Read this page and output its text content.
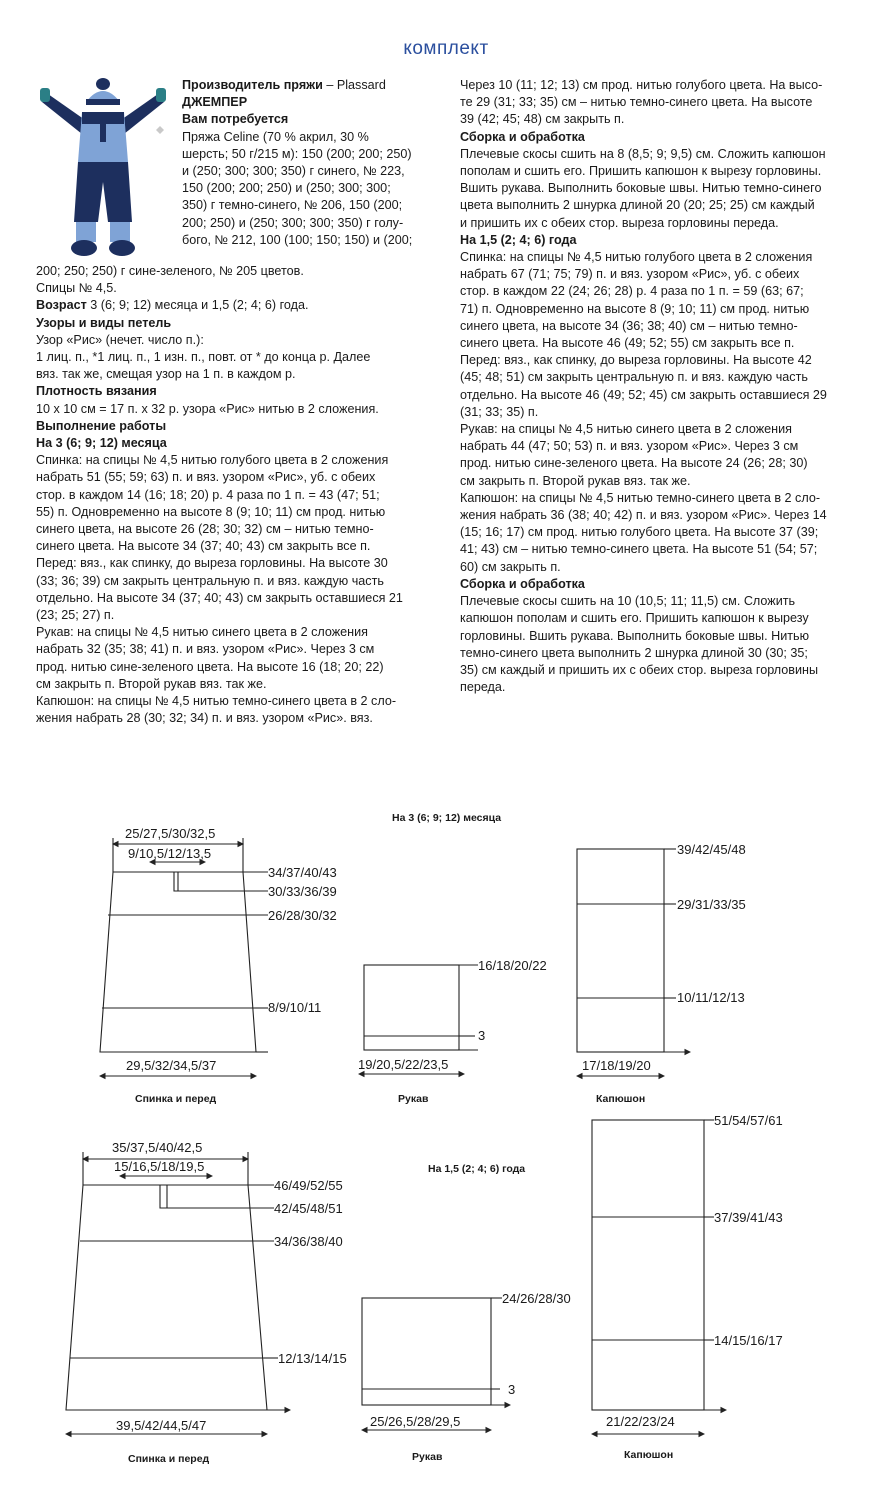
комплект

Производитель пряжи – Plassard

ДЖЕМПЕР

Вам потребуется

Пряжа Celine (70 % акрил, 30 %

шерсть; 50 г/215 м): 150 (200; 200; 250)

и (250; 300; 300; 350) г синего, № 223,

150 (200; 200; 250) и (250; 300; 300;

350) г темно-синего, № 206, 150 (200;

200; 250) и (250; 300; 300; 350) г голу-

бого, № 212, 100 (100; 150; 150) и (200;

200; 250; 250) г сине-зеленого, № 205 цветов.

Спицы № 4,5.

Возраст 3 (6; 9; 12) месяца и 1,5 (2; 4; 6) года.

Узоры и виды петель

Узор «Рис» (нечет. число п.):

1 лиц. п., *1 лиц. п., 1 изн. п., повт. от * до конца р. Далее

вяз. так же, смещая узор на 1 п. в каждом р.

Плотность вязания

10 х 10 см = 17 п. х 32 р. узора «Рис» нитью в 2 сложения.

Выполнение работы

На 3 (6; 9; 12) месяца

Спинка: на спицы № 4,5 нитью голубого цвета в 2 сложения

набрать 51 (55; 59; 63) п. и вяз. узором «Рис», уб. с обеих

стор. в каждом 14 (16; 18; 20) р. 4 раза по 1 п. = 43 (47; 51;

55) п. Одновременно на высоте 8 (9; 10; 11) см прод. нитью

синего цвета, на высоте 26 (28; 30; 32) см – нитью темно-

синего цвета. На высоте 34 (37; 40; 43) см закрыть все п.

Перед: вяз., как спинку, до выреза горловины. На высоте 30

(33; 36; 39) см закрыть центральную п. и вяз. каждую часть

отдельно. На высоте 34 (37; 40; 43) см закрыть оставшиеся 21

(23; 25; 27) п.

Рукав: на спицы № 4,5 нитью синего цвета в 2 сложения

набрать 32 (35; 38; 41) п. и вяз. узором «Рис». Через 3 см

прод. нитью сине-зеленого цвета. На высоте 16 (18; 20; 22)

см закрыть п. Второй рукав вяз. так же.

Капюшон: на спицы № 4,5 нитью темно-синего цвета в 2 сло-

жения набрать 28 (30; 32; 34) п. и вяз. узором «Рис». вяз.

Через 10 (11; 12; 13) см прод. нитью голубого цвета. На высо-

те 29 (31; 33; 35) см – нитью темно-синего цвета. На высоте

39 (42; 45; 48) см закрыть п.

Сборка и обработка

Плечевые скосы сшить на 8 (8,5; 9; 9,5) см. Сложить капюшон

пополам и сшить его. Пришить капюшон к вырезу горловины.

Вшить рукава. Выполнить боковые швы. Нитью темно-синего

цвета выполнить 2 шнурка длиной 20 (20; 25; 25) см каждый

и пришить их с обеих стор. выреза горловины переда.

На 1,5 (2; 4; 6) года

Спинка: на спицы № 4,5 нитью голубого цвета в 2 сложения

набрать 67 (71; 75; 79) п. и вяз. узором «Рис», уб. с обеих

стор. в каждом 22 (24; 26; 28) р. 4 раза по 1 п. = 59 (63; 67;

71) п. Одновременно на высоте 8 (9; 10; 11) см прод. нитью

синего цвета, на высоте 34 (36; 38; 40) см – нитью темно-

синего цвета. На высоте 46 (49; 52; 55) см закрыть все п.

Перед: вяз., как спинку, до выреза горловины. На высоте 42

(45; 48; 51) см закрыть центральную п. и вяз. каждую часть

отдельно. На высоте 46 (49; 52; 45) см закрыть оставшиеся 29

(31; 33; 35) п.

Рукав: на спицы № 4,5 нитью синего цвета в 2 сложения

набрать 44 (47; 50; 53) п. и вяз. узором «Рис». Через 3 см

прод. нитью сине-зеленого цвета. На высоте 24 (26; 28; 30)

см закрыть п. Второй рукав вяз. так же.

Капюшон: на спицы № 4,5 нитью темно-синего цвета в 2 сло-

жения набрать 36 (38; 40; 42) п. и вяз. узором «Рис». Через 14

(15; 16; 17) см прод. нитью голубого цвета. На высоте 37 (39;

41; 43) см – нитью темно-синего цвета. На высоте 51 (54; 57;

60) см закрыть п.

Сборка и обработка

Плечевые скосы сшить на 10 (10,5; 11; 11,5) см. Сложить

капюшон пополам и сшить его. Пришить капюшон к вырезу

горловины. Вшить рукава. Выполнить боковые швы. Нитью

темно-синего цвета выполнить 2 шнурка длиной 30 (30; 35;

35) см каждый и пришить их с обеих стор. выреза горловины

переда.

На 3 (6; 9; 12) месяца
25/27,5/30/32,5
9/10,5/12/13,5
34/37/40/43
30/33/36/39
26/28/30/32
8/9/10/11
29,5/32/34,5/37
Спинка и перед
16/18/20/22
3
19/20,5/22/23,5
Рукав
39/42/45/48
29/31/33/35
10/11/12/13
17/18/19/20
Капюшон
На 1,5 (2; 4; 6) года
35/37,5/40/42,5
15/16,5/18/19,5
46/49/52/55
42/45/48/51
34/36/38/40
12/13/14/15
39,5/42/44,5/47
Спинка и перед
24/26/28/30
3
25/26,5/28/29,5
Рукав
51/54/57/61
37/39/41/43
14/15/16/17
21/22/23/24
Капюшон
